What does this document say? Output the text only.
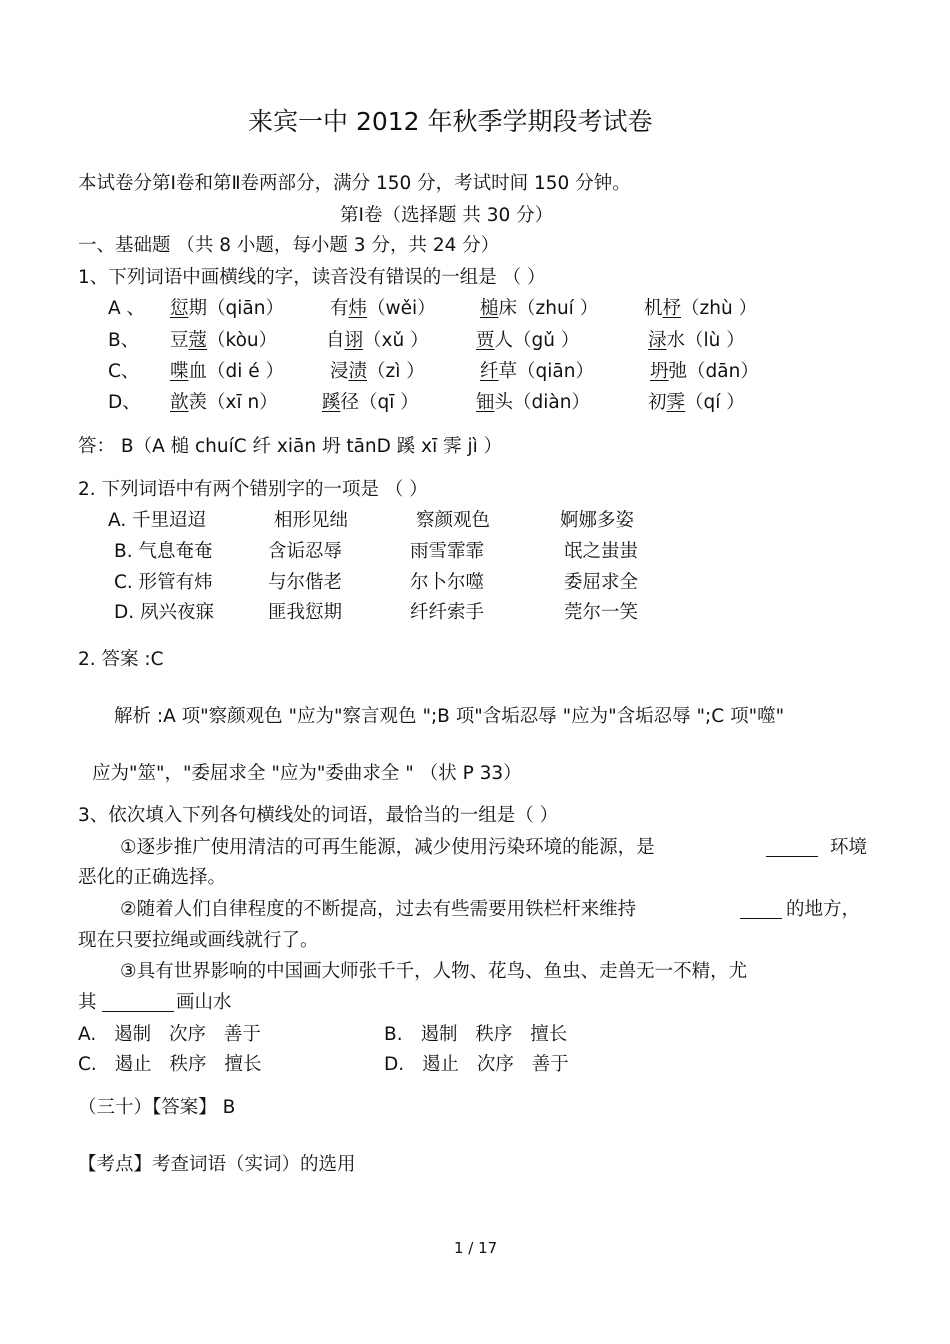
来宾一中 2012 年秋季学期段考试卷
本试卷分第Ⅰ卷和第Ⅱ卷两部分，满分 150 分，考试时间 150 分钟。
第Ⅰ卷（选择题 共 30 分）
一、基础题 （共 8 小题，每小题 3 分，共 24 分）
1、下列词语中画横线的字，读音没有错误的一组是 （ ）
A 、 愆期（qiān） 有炜（wěi） 槌床（zhuí ） 机杼（zhù ）
B、 豆蔻（kòu）	自诩（xǔ ）	贾人（gǔ ）	渌水（lù ）
C、 喋血（di é ） 浸渍（zì ）	纤草（qiān）	坍弛（dān）
D、 歆羡（xī n） 蹊径（qī ）	钿头（diàn）	初霁（qí ）
答： B（A 槌 chuíC 纤 xiān 坍 tānD 蹊 xī 霁 jì ）
2. 下列词语中有两个错别字的一项是 （ ）
A. 千里迢迢	相形见绌	察颜观色	婀娜多姿
B. 气息奄奄	含诟忍辱	雨雪霏霏	氓之蚩蚩
C. 形管有炜	与尔偕老	尔卜尔噬	委屈求全
D. 夙兴夜寐	匪我愆期	纤纤索手	莞尔一笑
2. 答案 :C
解析 :A 项"察颜观色 "应为"察言观色 ";B 项"含垢忍辱 "应为"含垢忍辱 ";C 项"噬"
应为"筮"，"委屈求全 "应为"委曲求全 " （状 P 33）
3、依次填入下列各句横线处的词语，最恰当的一组是（ ）
①逐步推广使用清洁的可再生能源，减少使用污染环境的能源，是	环境
恶化的正确选择。
②随着人们自律程度的不断提高，过去有些需要用铁栏杆来维持	的地方，
现在只要拉绳或画线就行了。
③具有世界影响的中国画大师张千千，人物、花鸟、鱼虫、走兽无一不精，尤
其	画山水
A. 遏制 次序 善于	B. 遏制 秩序 擅长
C. 遏止 秩序 擅长	D. 遏止 次序 善于
（三十）【答案】 B
【考点】考查词语（实词）的选用
1 / 17
